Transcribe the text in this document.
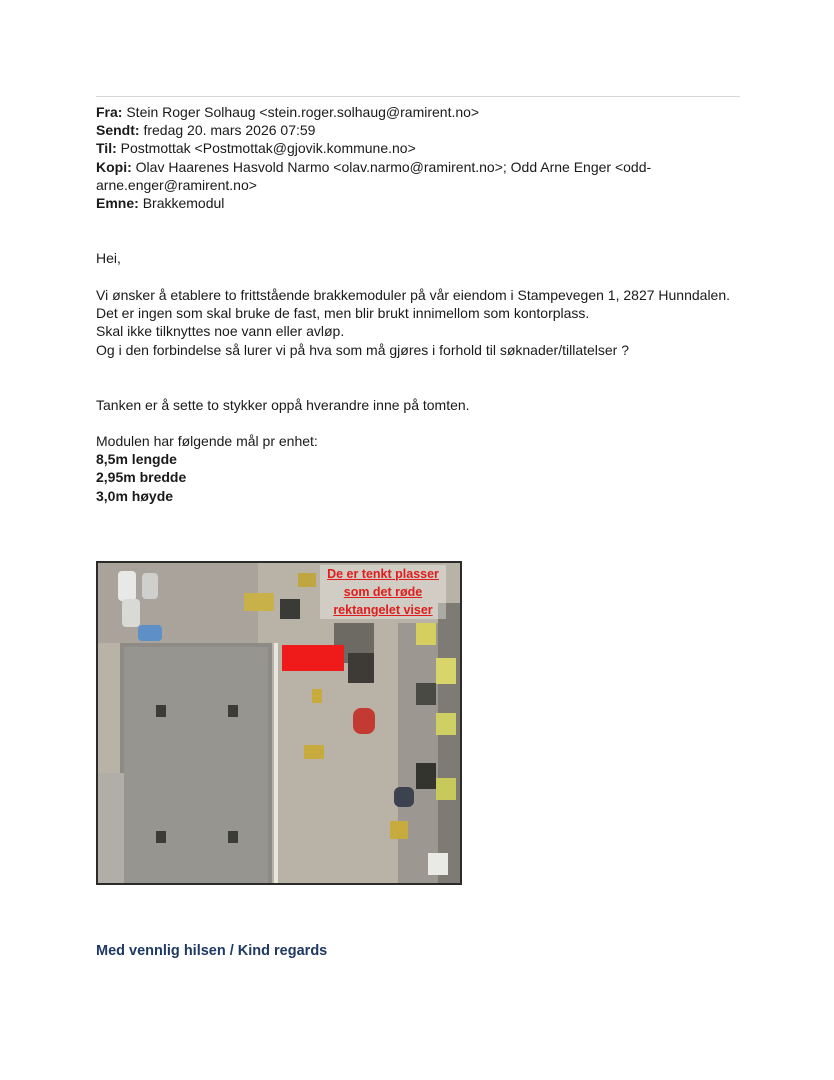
Fra: Stein Roger Solhaug <stein.roger.solhaug@ramirent.no>
Sendt: fredag 20. mars 2026 07:59
Til: Postmottak <Postmottak@gjovik.kommune.no>
Kopi: Olav Haarenes Hasvold Narmo <olav.narmo@ramirent.no>; Odd Arne Enger <odd-
arne.enger@ramirent.no>
Emne: Brakkemodul
Hei,
Vi ønsker å etablere to frittstående brakkemoduler på vår eiendom i Stampevegen 1, 2827 Hunndalen.
Det er ingen som skal bruke de fast, men blir brukt innimellom som kontorplass.
Skal ikke tilknyttes noe vann eller avløp.
Og i den forbindelse så lurer vi på hva som må gjøres i forhold til søknader/tillatelser ?
Tanken er å sette to stykker oppå hverandre inne på tomten.
Modulen har følgende mål pr enhet:
8,5m lengde
2,95m bredde
3,0m høyde
De er tenkt plasser som det røde rektangelet viser
Med vennlig hilsen / Kind regards
